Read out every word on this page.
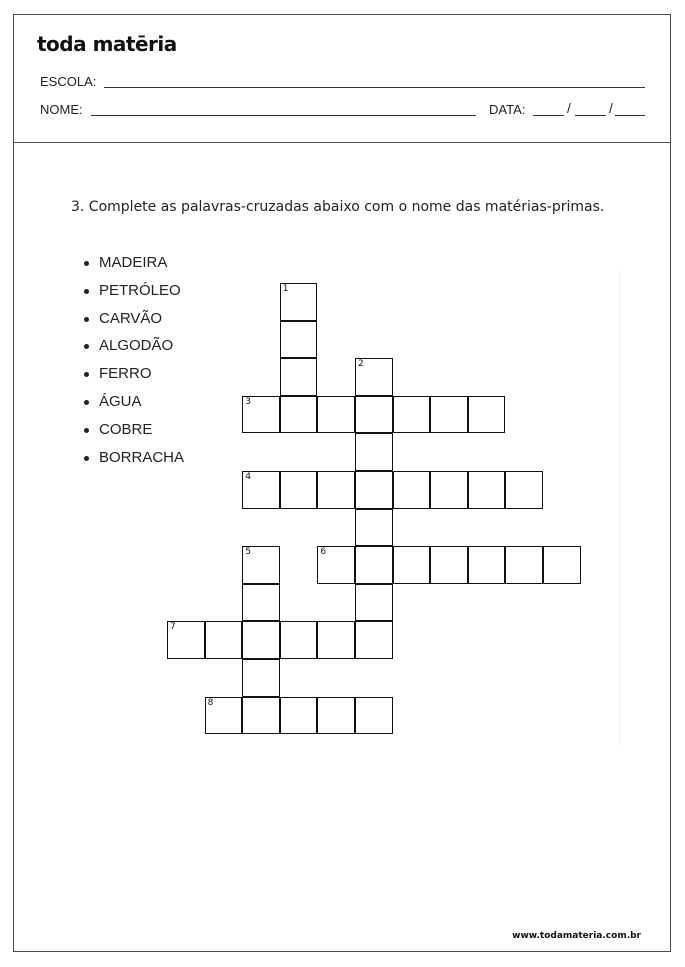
toda matēria
ESCOLA:
NOME:	DATA:	/	/
3. Complete as palavras-cruzadas abaixo com o nome das matérias-primas.
MADEIRA
PETRÓLEO
CARVÃO
ALGODÃO
FERRO
ÁGUA
COBRE
BORRACHA
1
2
3
4
5	6
7
8
www.todamateria.com.br
